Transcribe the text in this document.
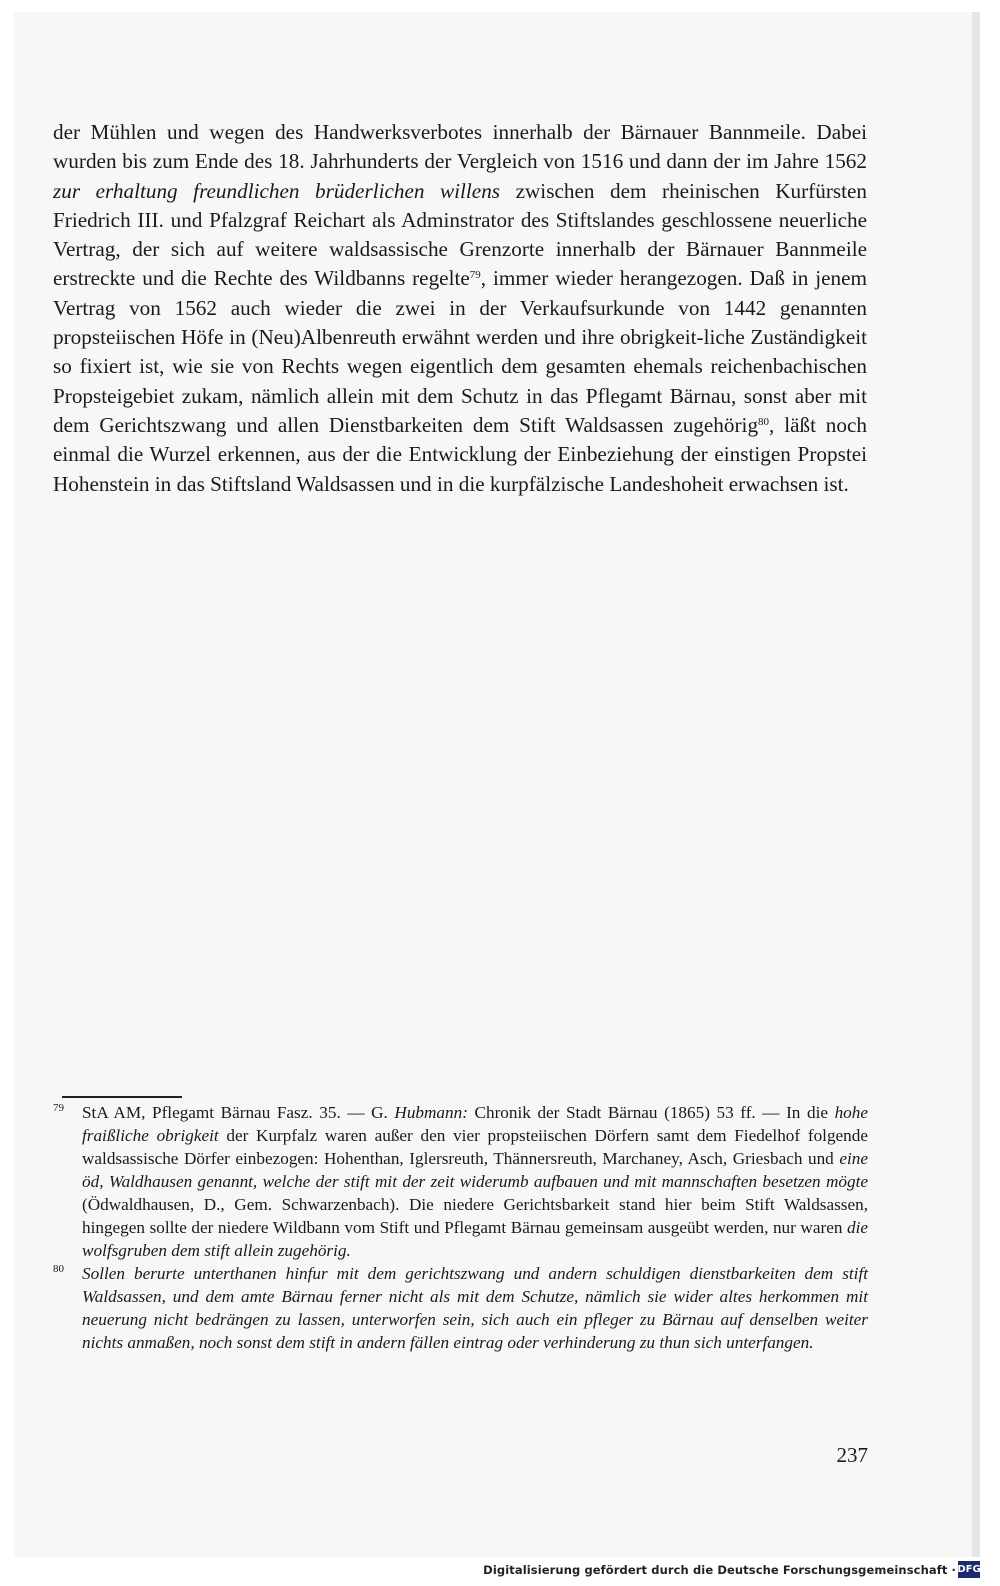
der Mühlen und wegen des Handwerksverbotes innerhalb der Bärnauer Bannmeile. Dabei wurden bis zum Ende des 18. Jahrhunderts der Vergleich von 1516 und dann der im Jahre 1562 zur erhaltung freundlichen brüderlichen willens zwischen dem rheinischen Kurfürsten Friedrich III. und Pfalzgraf Reichart als Adminstrator des Stiftslandes geschlossene neuerliche Vertrag, der sich auf weitere waldsassische Grenzorte innerhalb der Bärnauer Bannmeile erstreckte und die Rechte des Wildbanns regelte$^{79}$, immer wieder herangezogen. Daß in jenem Vertrag von 1562 auch wieder die zwei in der Verkaufsurkunde von 1442 genannten propsteiischen Höfe in (Neu)Albenreuth erwähnt werden und ihre obrigkeit-liche Zuständigkeit so fixiert ist, wie sie von Rechts wegen eigentlich dem gesamten ehemals reichenbachischen Propsteigebiet zukam, nämlich allein mit dem Schutz in das Pflegamt Bärnau, sonst aber mit dem Gerichtszwang und allen Dienstbarkeiten dem Stift Waldsassen zugehörig$^{80}$, läßt noch einmal die Wurzel erkennen, aus der die Entwicklung der Einbeziehung der einstigen Propstei Hohenstein in das Stiftsland Waldsassen und in die kurpfälzische Landeshoheit erwachsen ist.

79 StA AM, Pflegamt Bärnau Fasz. 35. — G. Hubmann: Chronik der Stadt Bärnau (1865) 53 ff. — In die hohe fraißliche obrigkeit der Kurpfalz waren außer den vier propsteiischen Dörfern samt dem Fiedelhof folgende waldsassische Dörfer einbezogen: Hohenthan, Iglersreuth, Thännersreuth, Marchaney, Asch, Griesbach und eine öd, Waldhausen genannt, welche der stift mit der zeit widerumb aufbauen und mit mannschaften besetzen mögte (Ödwaldhausen, D., Gem. Schwarzenbach). Die niedere Gerichtsbarkeit stand hier beim Stift Waldsassen, hingegen sollte der niedere Wildbann vom Stift und Pflegamt Bärnau gemeinsam ausgeübt werden, nur waren die wolfsgruben dem stift allein zugehörig.

80 Sollen berurte unterthanen hinfur mit dem gerichtszwang und andern schuldigen dienstbarkeiten dem stift Waldsassen, und dem amte Bärnau ferner nicht als mit dem Schutze, nämlich sie wider altes herkommen mit neuerung nicht bedrängen zu lassen, unterworfen sein, sich auch ein pfleger zu Bärnau auf denselben weiter nichts anmaßen, noch sonst dem stift in andern fällen eintrag oder verhinderung zu thun sich unterfangen.

237
Digitalisierung gefördert durch die Deutsche Forschungsgemeinschaft · DFG
